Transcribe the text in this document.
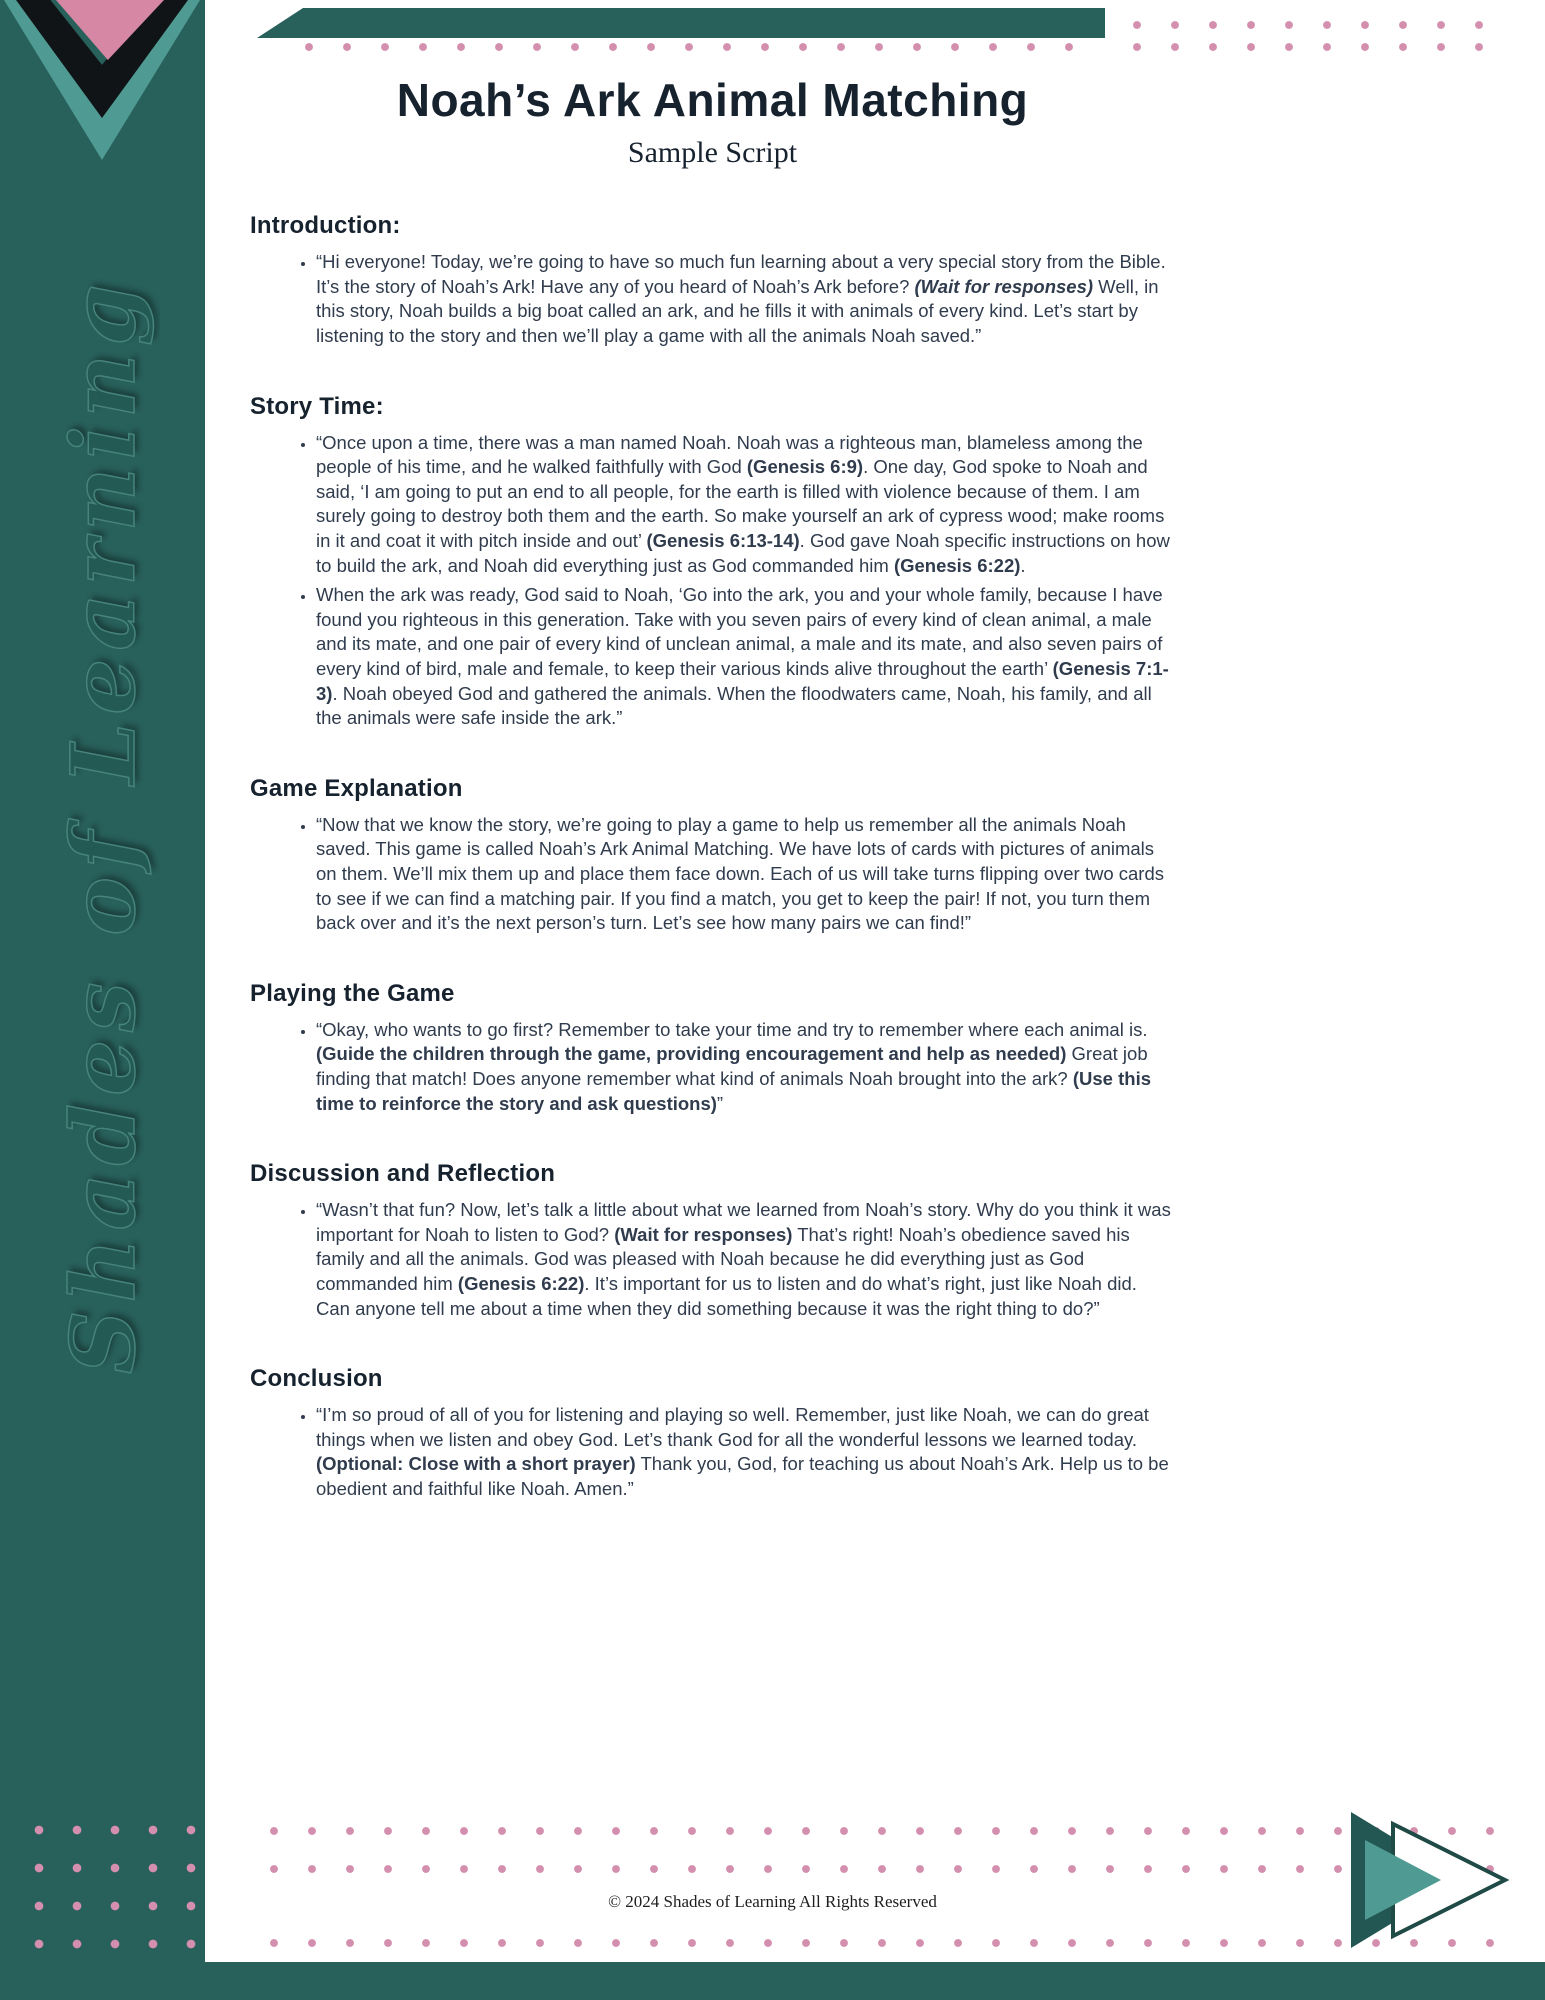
Shades of Learning
Noah’s Ark Animal Matching
Sample Script
Introduction:
• “Hi everyone! Today, we’re going to have so much fun learning about a very special story from the Bible. It’s the story of Noah’s Ark! Have any of you heard of Noah’s Ark before? (Wait for responses) Well, in this story, Noah builds a big boat called an ark, and he fills it with animals of every kind. Let’s start by listening to the story and then we’ll play a game with all the animals Noah saved.”
Story Time:
• “Once upon a time, there was a man named Noah. Noah was a righteous man, blameless among the people of his time, and he walked faithfully with God (Genesis 6:9). One day, God spoke to Noah and said, ‘I am going to put an end to all people, for the earth is filled with violence because of them. I am surely going to destroy both them and the earth. So make yourself an ark of cypress wood; make rooms in it and coat it with pitch inside and out’ (Genesis 6:13-14). God gave Noah specific instructions on how to build the ark, and Noah did everything just as God commanded him (Genesis 6:22).
• When the ark was ready, God said to Noah, ‘Go into the ark, you and your whole family, because I have found you righteous in this generation. Take with you seven pairs of every kind of clean animal, a male and its mate, and one pair of every kind of unclean animal, a male and its mate, and also seven pairs of every kind of bird, male and female, to keep their various kinds alive throughout the earth’ (Genesis 7:1-3). Noah obeyed God and gathered the animals. When the floodwaters came, Noah, his family, and all the animals were safe inside the ark.”
Game Explanation
• “Now that we know the story, we’re going to play a game to help us remember all the animals Noah saved. This game is called Noah’s Ark Animal Matching. We have lots of cards with pictures of animals on them. We’ll mix them up and place them face down. Each of us will take turns flipping over two cards to see if we can find a matching pair. If you find a match, you get to keep the pair! If not, you turn them back over and it’s the next person’s turn. Let’s see how many pairs we can find!”
Playing the Game
• “Okay, who wants to go first? Remember to take your time and try to remember where each animal is. (Guide the children through the game, providing encouragement and help as needed) Great job finding that match! Does anyone remember what kind of animals Noah brought into the ark? (Use this time to reinforce the story and ask questions)”
Discussion and Reflection
• “Wasn’t that fun? Now, let’s talk a little about what we learned from Noah’s story. Why do you think it was important for Noah to listen to God? (Wait for responses) That’s right! Noah’s obedience saved his family and all the animals. God was pleased with Noah because he did everything just as God commanded him (Genesis 6:22). It’s important for us to listen and do what’s right, just like Noah did. Can anyone tell me about a time when they did something because it was the right thing to do?”
Conclusion
• “I’m so proud of all of you for listening and playing so well. Remember, just like Noah, we can do great things when we listen and obey God. Let’s thank God for all the wonderful lessons we learned today. (Optional: Close with a short prayer) Thank you, God, for teaching us about Noah’s Ark. Help us to be obedient and faithful like Noah. Amen.”
© 2024 Shades of Learning All Rights Reserved
